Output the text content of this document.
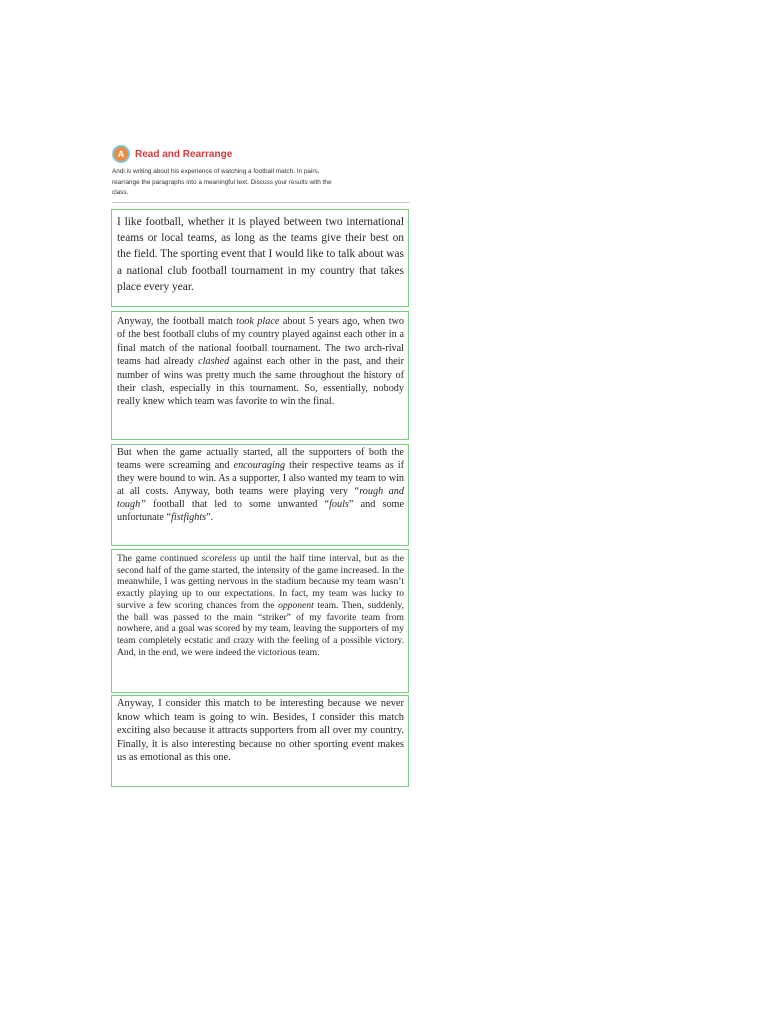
A	Read and Rearrange
Andi is writing about his experience of watching a football match. In pairs, rearrange the paragraphs into a meaningful text. Discuss your results with the class.
I like football, whether it is played between two international teams or local teams, as long as the teams give their best on the field. The sporting event that I would like to talk about was a national club football tournament in my country that takes place every year.
Anyway, the football match took place about 5 years ago, when two of the best football clubs of my country played against each other in a final match of the national football tournament. The two arch-rival teams had already clashed against each other in the past, and their number of wins was pretty much the same throughout the history of their clash, especially in this tournament. So, essentially, nobody really knew which team was favorite to win the final.
But when the game actually started, all the supporters of both the teams were screaming and encouraging their respective teams as if they were bound to win. As a supporter, I also wanted my team to win at all costs. Anyway, both teams were playing very “rough and tough” football that led to some unwanted “fouls” and some unfortunate “fistfights”.
The game continued scoreless up until the half time interval, but as the second half of the game started, the intensity of the game increased. In the meanwhile, I was getting nervous in the stadium because my team wasn’t exactly playing up to our expectations. In fact, my team was lucky to survive a few scoring chances from the opponent team. Then, suddenly, the ball was passed to the main “striker” of my favorite team from nowhere, and a goal was scored by my team, leaving the supporters of my team completely ecstatic and crazy with the feeling of a possible victory. And, in the end, we were indeed the victorious team.
Anyway, I consider this match to be interesting because we never know which team is going to win. Besides, I consider this match exciting also because it attracts supporters from all over my country. Finally, it is also interesting because no other sporting event makes us as emotional as this one.
